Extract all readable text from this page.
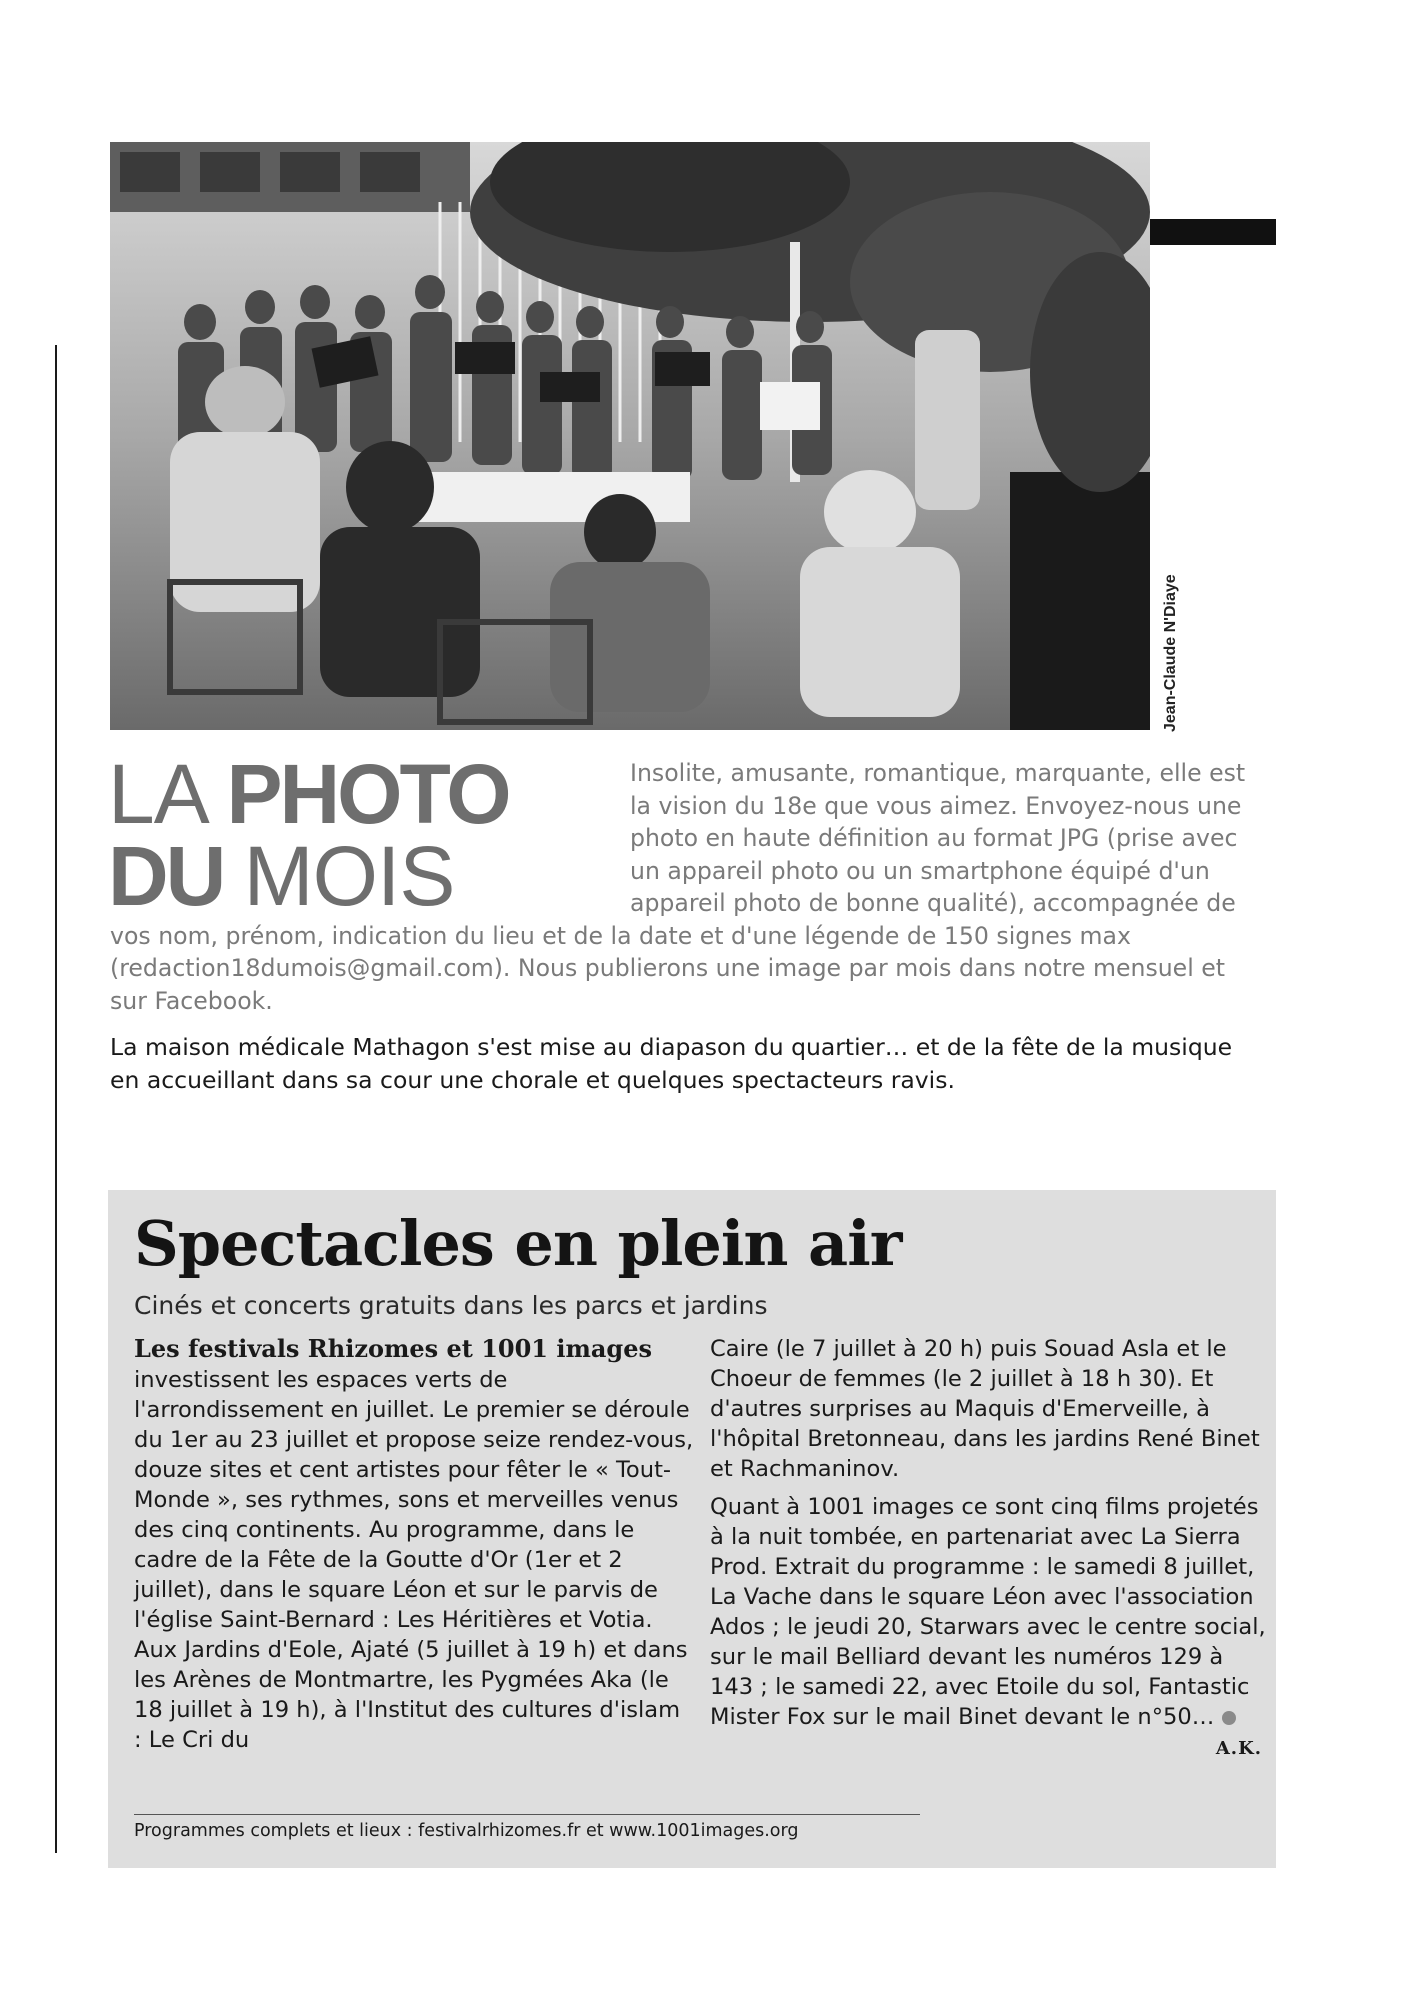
Jean-Claude N'Diaye
LA PHOTO
DU MOIS
Insolite, amusante, romantique, marquante, elle est la vision du 18e que vous aimez. Envoyez-nous une photo en haute définition au format JPG (prise avec un appareil photo ou un smartphone équipé d'un appareil photo de bonne qualité), accompagnée de vos nom, prénom, indication du lieu et de la date et d'une légende de 150 signes max (redaction18dumois@gmail.com). Nous publierons une image par mois dans notre mensuel et sur Facebook.
La maison médicale Mathagon s'est mise au diapason du quartier… et de la fête de la musique en accueillant dans sa cour une chorale et quelques spectacteurs ravis.
Spectacles en plein air

Cinés et concerts gratuits dans les parcs et jardins

Les festivals Rhizomes et 1001 images investissent les espaces verts de l'arrondissement en juillet. Le premier se déroule du 1er au 23 juillet et propose seize rendez-vous, douze sites et cent artistes pour fêter le « Tout-Monde », ses rythmes, sons et merveilles venus des cinq continents. Au programme, dans le cadre de la Fête de la Goutte d'Or (1er et 2 juillet), dans le square Léon et sur le parvis de l'église Saint-Bernard : Les Héritières et Votia. Aux Jardins d'Eole, Ajaté (5 juillet à 19 h) et dans les Arènes de Montmartre, les Pygmées Aka (le 18 juillet à 19 h), à l'Institut des cultures d'islam : Le Cri du

Caire (le 7 juillet à 20 h) puis Souad Asla et le Choeur de femmes (le 2 juillet à 18 h 30). Et d'autres surprises au Maquis d'Emerveille, à l'hôpital Bretonneau, dans les jardins René Binet et Rachmaninov.

Quant à 1001 images ce sont cinq films projetés à la nuit tombée, en partenariat avec La Sierra Prod. Extrait du programme : le samedi 8 juillet, La Vache dans le square Léon avec l'association Ados ; le jeudi 20, Starwars avec le centre social, sur le mail Belliard devant les numéros 129 à 143 ; le samedi 22, avec Etoile du sol, Fantastic Mister Fox sur le mail Binet devant le n°50…
A.K.

Programmes complets et lieux : festivalrhizomes.fr et www.1001images.org
